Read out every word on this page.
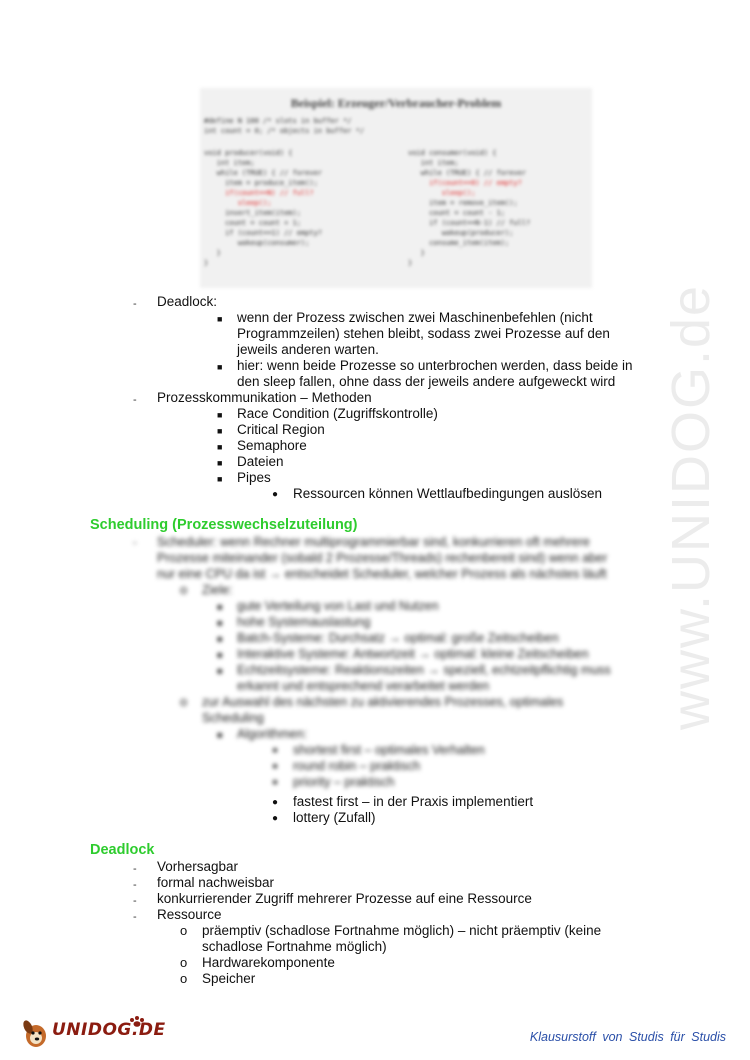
Beispiel: Erzeuger/Verbraucher-Problem
#define N 100 /* slots in buffer */
int count = 0; /* objects in buffer */
void producer(void) {
int item;
while (TRUE) { // forever
item = produce_item();
if(count==N) // full?
sleep();
insert_item(item);
count = count + 1;
if (count==1) // empty?
wakeup(consumer);
}
}
void consumer(void) {
int item;
while (TRUE) { // forever
if(count==0) // empty?
sleep();
item = remove_item();
count = count - 1;
if (count==N-1) // full?
wakeup(producer);
consume_item(item);
}
}
www.UNIDOG.de
- Deadlock:
■ wenn der Prozess zwischen zwei Maschinenbefehlen (nicht
Programmzeilen) stehen bleibt, sodass zwei Prozesse auf den
jeweils anderen warten.
■ hier: wenn beide Prozesse so unterbrochen werden, dass beide in
den sleep fallen, ohne dass der jeweils andere aufgeweckt wird
- Prozesskommunikation – Methoden
■ Race Condition (Zugriffskontrolle)
■ Critical Region
■ Semaphore
■ Dateien
■ Pipes
● Ressourcen können Wettlaufbedingungen auslösen
Scheduling (Prozesswechselzuteilung)
- Scheduler: wenn Rechner multiprogrammierbar sind, konkurrieren oft mehrere
Prozesse miteinander (sobald 2 Prozesse/Threads) rechenbereit sind) wenn aber
nur eine CPU da ist → entscheidet Scheduler, welcher Prozess als nächstes läuft
o Ziele:
■ gute Verteilung von Last und Nutzen
■ hohe Systemauslastung
■ Batch-Systeme: Durchsatz → optimal: große Zeitscheiben
■ Interaktive Systeme: Antwortzeit → optimal: kleine Zeitscheiben
■ Echtzeitsysteme: Reaktionszeiten → speziell, echtzeitpflichtig muss
erkannt und entsprechend verarbeitet werden
o zur Auswahl des nächsten zu aktivierendes Prozesses, optimales
Scheduling
■ Algorithmen:
● shortest first – optimales Verhalten
● round robin – praktisch
● priority – praktisch
● fastest first – in der Praxis implementiert
● lottery (Zufall)
Deadlock
- Vorhersagbar
- formal nachweisbar
- konkurrierender Zugriff mehrerer Prozesse auf eine Ressource
- Ressource
o präemptiv (schadlose Fortnahme möglich) – nicht präemptiv (keine
schadlose Fortnahme möglich)
o Hardwarekomponente
o Speicher
UNIDOG.DE	Klausurstoff von Studis für Studis
